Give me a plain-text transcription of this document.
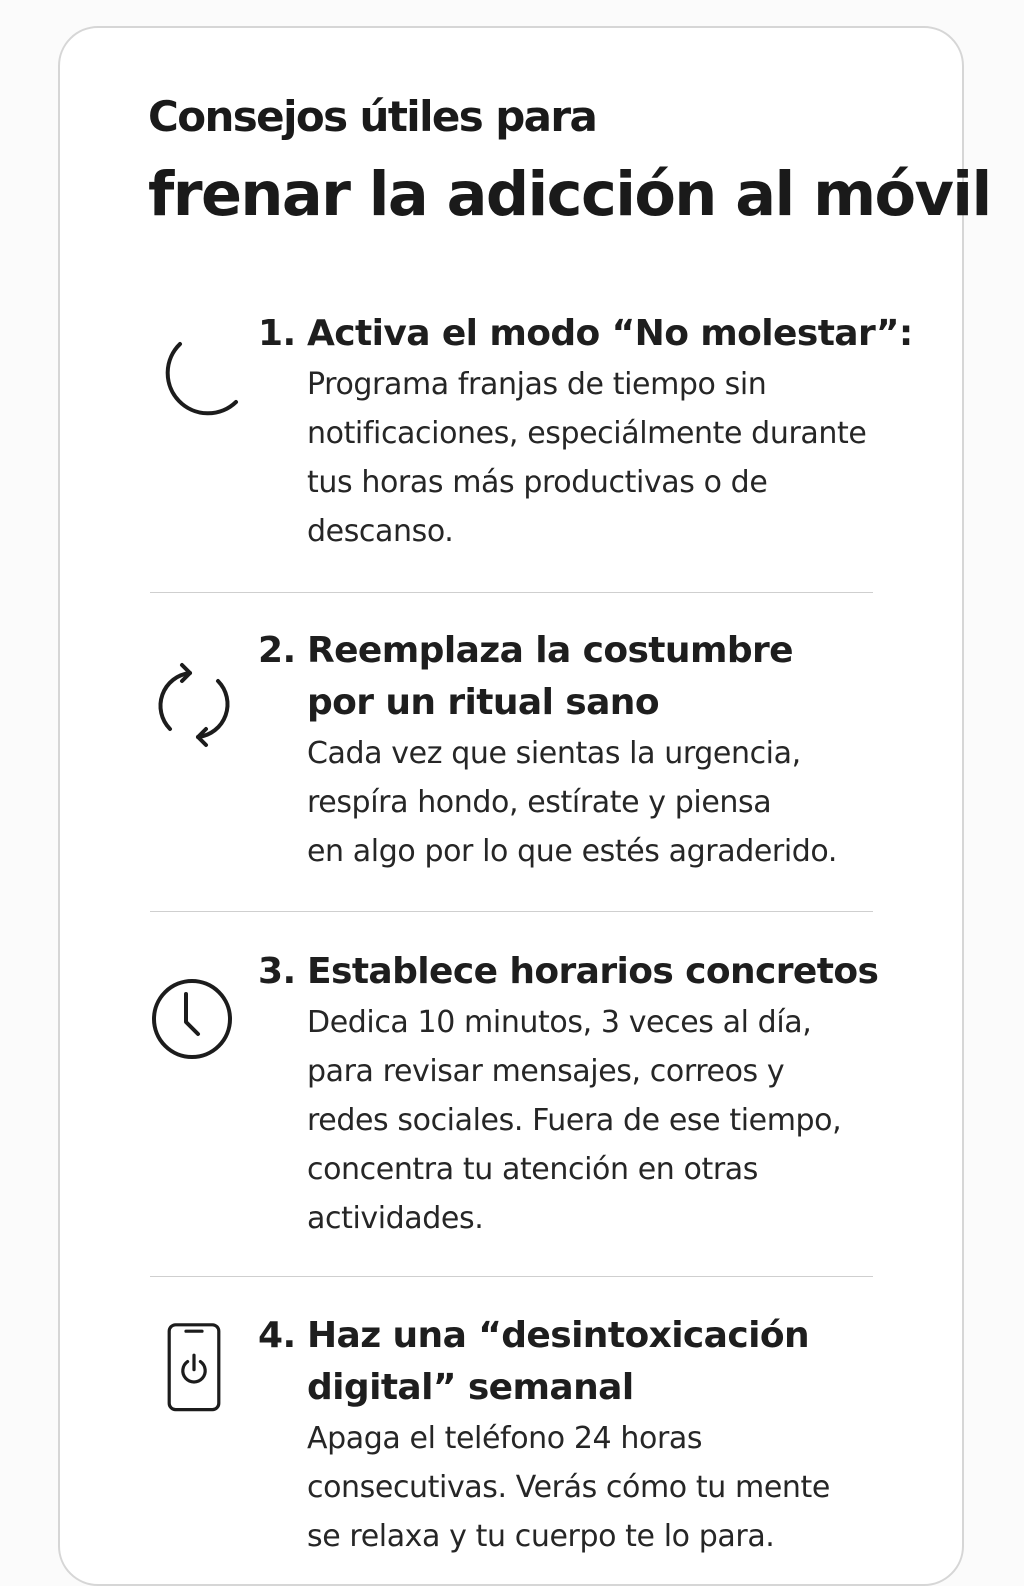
Consejos útiles para
frenar la adicción al móvil
1. Activa el modo “No molestar”:
Programa franjas de tiempo sin
notificaciones, especiálmente durante
tus horas más productivas o de
descanso.
2. Reemplaza la costumbre
por un ritual sano
Cada vez que sientas la urgencia,
respíra hondo, estírate y piensa
en algo por lo que estés agraderido.
3. Establece horarios concretos
Dedica 10 minutos, 3 veces al día,
para revisar mensajes, correos y
redes sociales. Fuera de ese tiempo,
concentra tu atención en otras
actividades.
4. Haz una “desintoxicación
digital” semanal
Apaga el teléfono 24 horas
consecutivas. Verás cómo tu mente
se relaxa y tu cuerpo te lo para.
